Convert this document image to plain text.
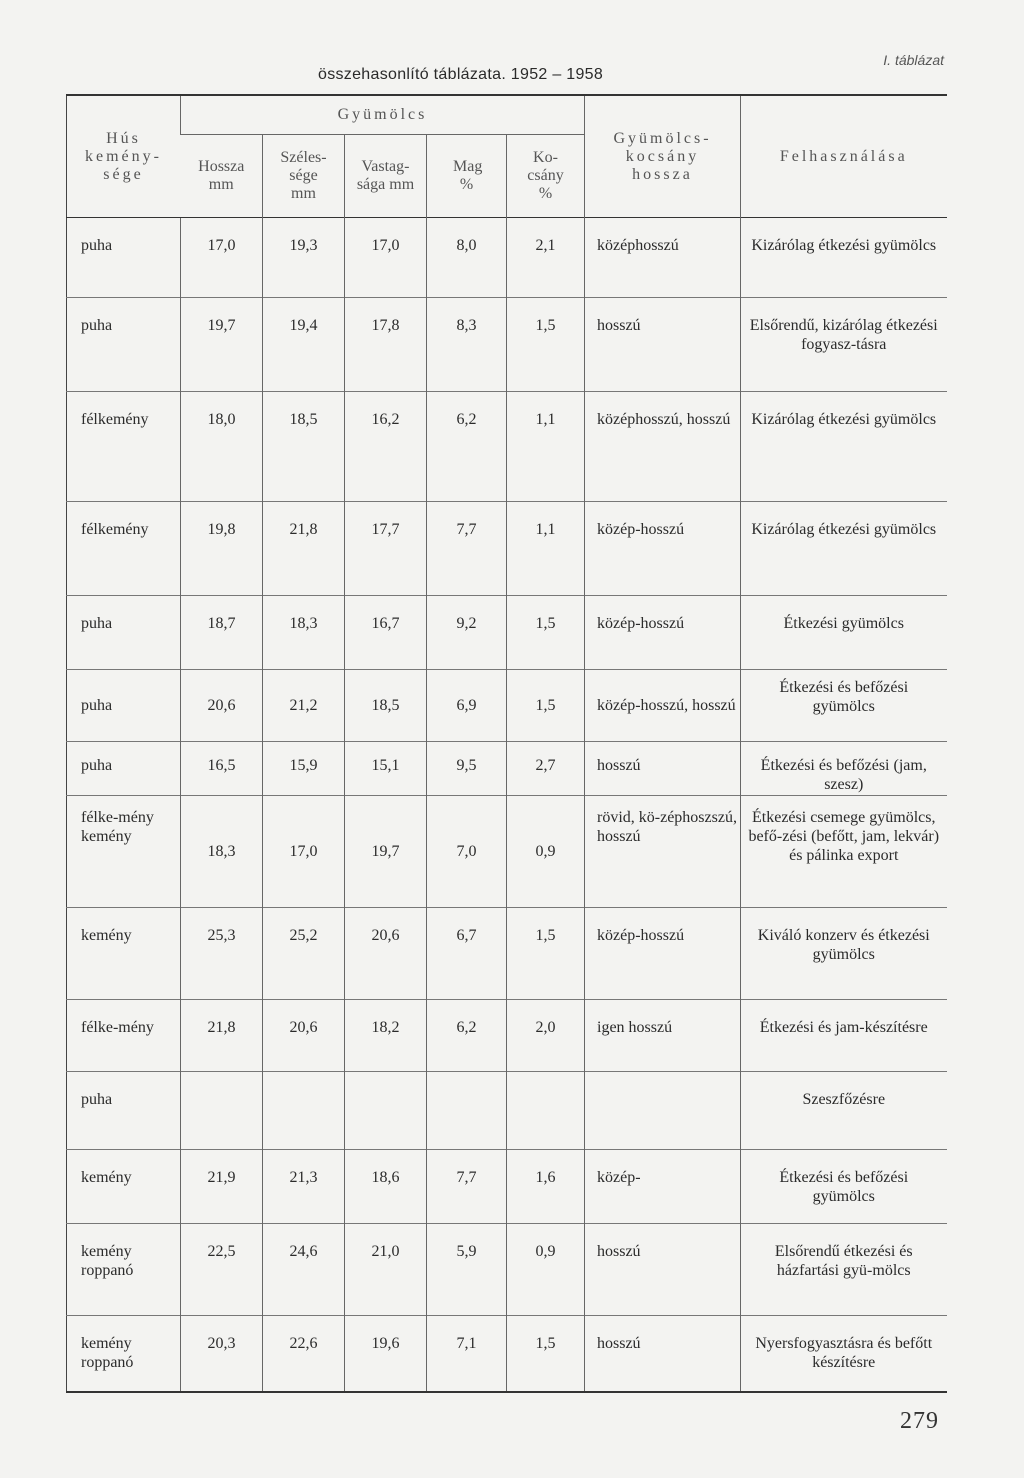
összehasonlító táblázata. 1952 – 1958
I. táblázat
Hús kemény-sége	Gyümölcs					Gyümölcs-kocsány hossza	Felhasználása

	Hossza mm	Széles-sége mm	Vastag-sága mm	Mag %	Ko-csány %		

puha	17,0	19,3	17,0	8,0	2,1	középhosszú	Kizárólag étkezési gyümölcs
puha	19,7	19,4	17,8	8,3	1,5	hosszú	Elsőrendű, kizárólag étkezési fogyasz-tásra
félkemény	18,0	18,5	16,2	6,2	1,1	középhosszú, hosszú	Kizárólag étkezési gyümölcs
félkemény	19,8	21,8	17,7	7,7	1,1	közép-hosszú	Kizárólag étkezési gyümölcs
puha	18,7	18,3	16,7	9,2	1,5	közép-hosszú	Étkezési gyümölcs
puha	20,6	21,2	18,5	6,9	1,5	közép-hosszú, hosszú	Étkezési és befőzési gyümölcs
puha	16,5	15,9	15,1	9,5	2,7	hosszú	Étkezési és befőzési (jam, szesz)
félke-mény kemény	18,3	17,0	19,7	7,0	0,9	rövid, kö-zéphoszszú, hosszú	Étkezési csemege gyümölcs, befő-zési (befőtt, jam, lekvár) és pálinka export
kemény	25,3	25,2	20,6	6,7	1,5	közép-hosszú	Kiváló konzerv és étkezési gyümölcs
félke-mény	21,8	20,6	18,2	6,2	2,0	igen hosszú	Étkezési és jam-készítésre
puha							Szeszfőzésre
kemény	21,9	21,3	18,6	7,7	1,6	közép-	Étkezési és befőzési gyümölcs
kemény roppanó	22,5	24,6	21,0	5,9	0,9	hosszú	Elsőrendű étkezési és házfartási gyü-mölcs
kemény roppanó	20,3	22,6	19,6	7,1	1,5	hosszú	Nyersfogyasztásra és befőtt készítésre
279
